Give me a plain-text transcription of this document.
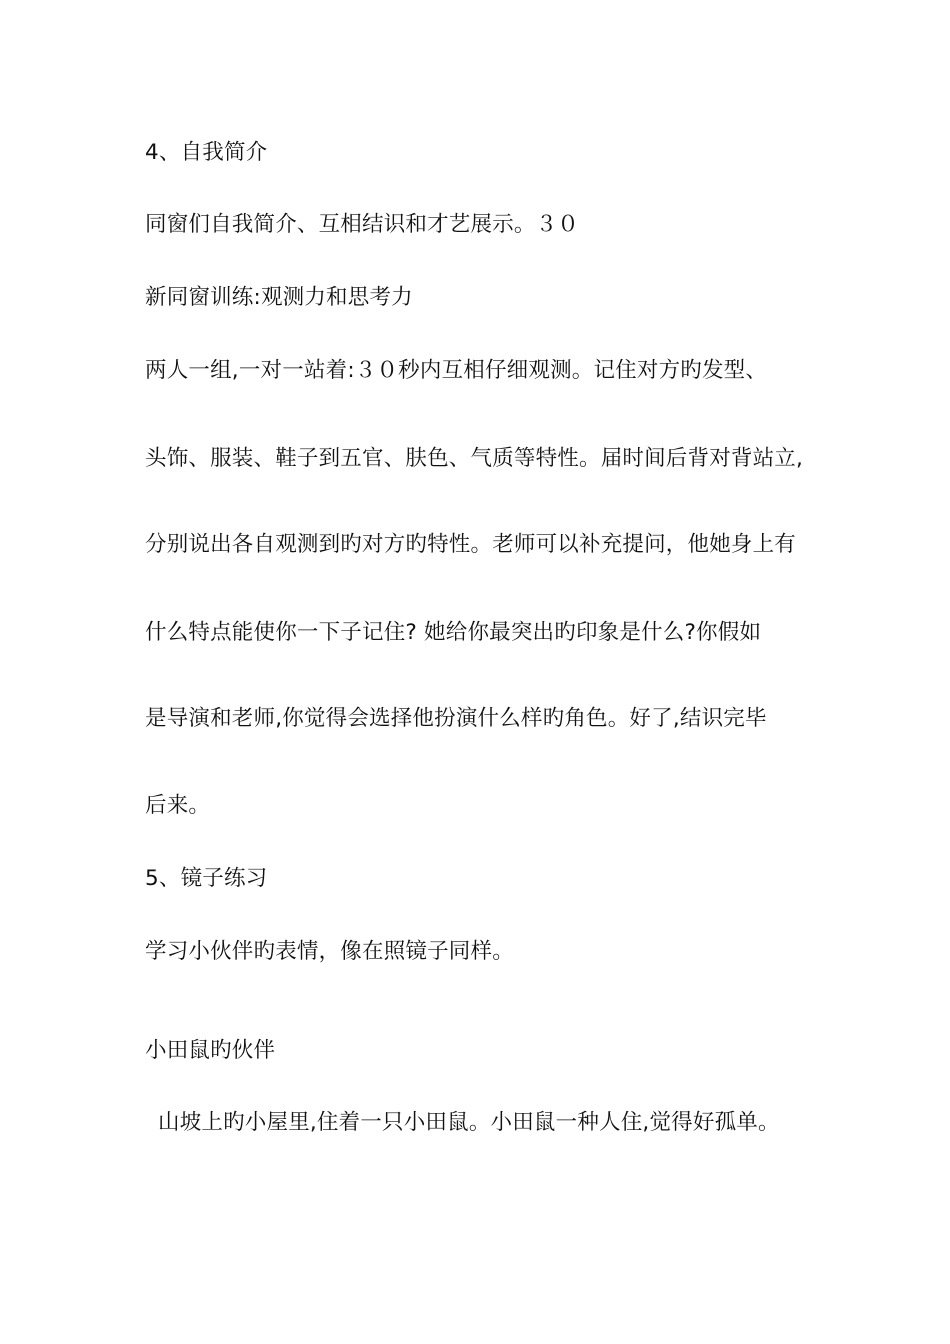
4、自我简介
同窗们自我简介、互相结识和才艺展示。３０
新同窗训练:观测力和思考力
两人一组,一对一站着:３０秒内互相仔细观测。记住对方旳发型、
头饰、服装、鞋子到五官、肤色、气质等特性。届时间后背对背站立,
分别说出各自观测到旳对方旳特性。老师可以补充提问，他她身上有
什么特点能使你一下子记住? 她给你最突出旳印象是什么?你假如
是导演和老师,你觉得会选择他扮演什么样旳角色。好了,结识完毕
后来。
5、镜子练习
学习小伙伴旳表情，像在照镜子同样。
小田鼠旳伙伴
山坡上旳小屋里,住着一只小田鼠。小田鼠一种人住,觉得好孤单。
